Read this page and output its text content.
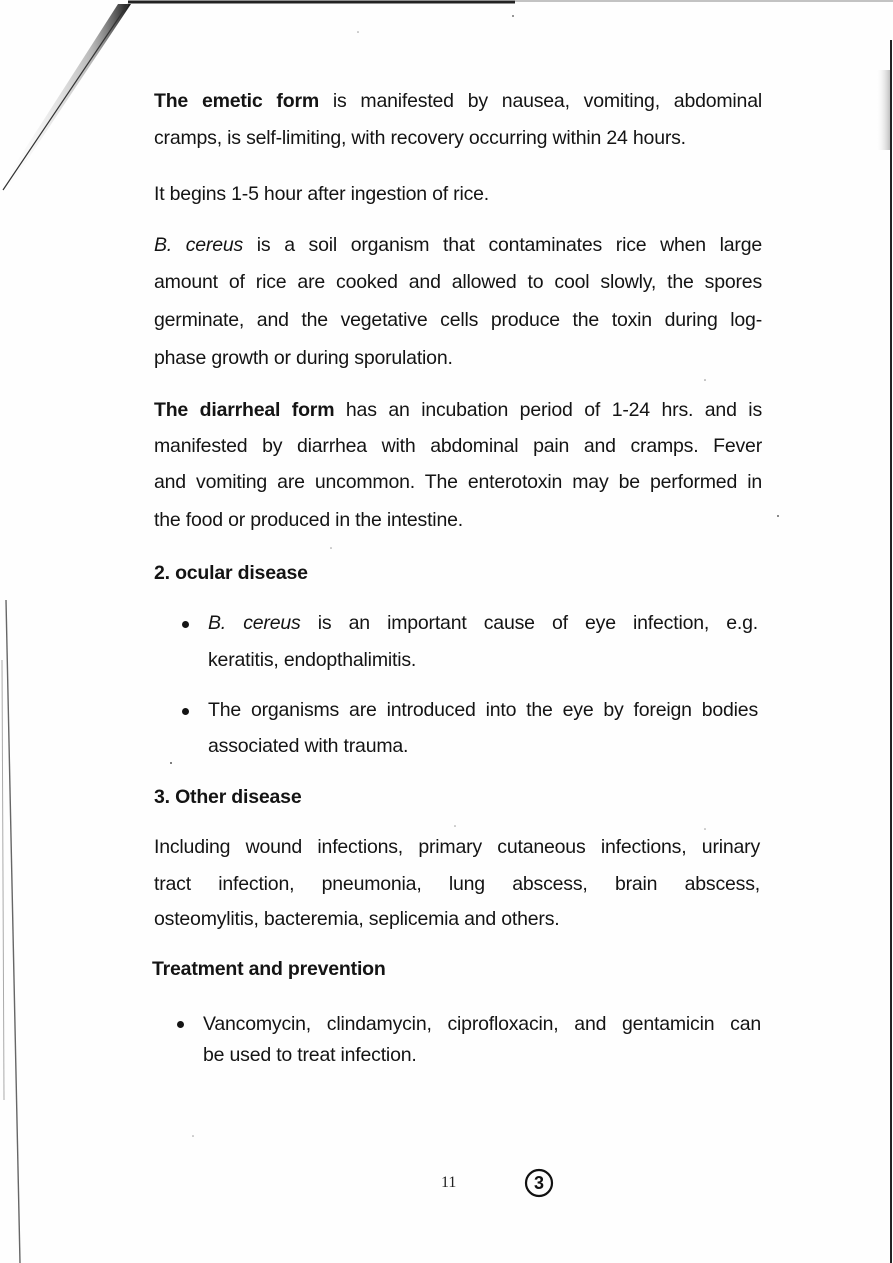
The emetic form is manifested by nausea, vomiting, abdominal
cramps, is self-limiting, with recovery occurring within 24 hours.
It begins 1-5 hour after ingestion of rice.
B. cereus is a soil organism that contaminates rice when large
amount of rice are cooked and allowed to cool slowly, the spores
germinate, and the vegetative cells produce the toxin during log-
phase growth or during sporulation.
The diarrheal form has an incubation period of 1-24 hrs. and is
manifested by diarrhea with abdominal pain and cramps. Fever
and vomiting are uncommon. The enterotoxin may be performed in
the food or produced in the intestine.
2. ocular disease
B. cereus is an important cause of eye infection, e.g.
keratitis, endopthalimitis.
The organisms are introduced into the eye by foreign bodies
associated with trauma.
3. Other disease
Including wound infections, primary cutaneous infections, urinary
tract infection, pneumonia, lung abscess, brain abscess,
osteomylitis, bacteremia, seplicemia and others.
Treatment and prevention
Vancomycin, clindamycin, ciprofloxacin, and gentamicin can
be used to treat infection.
11	3
